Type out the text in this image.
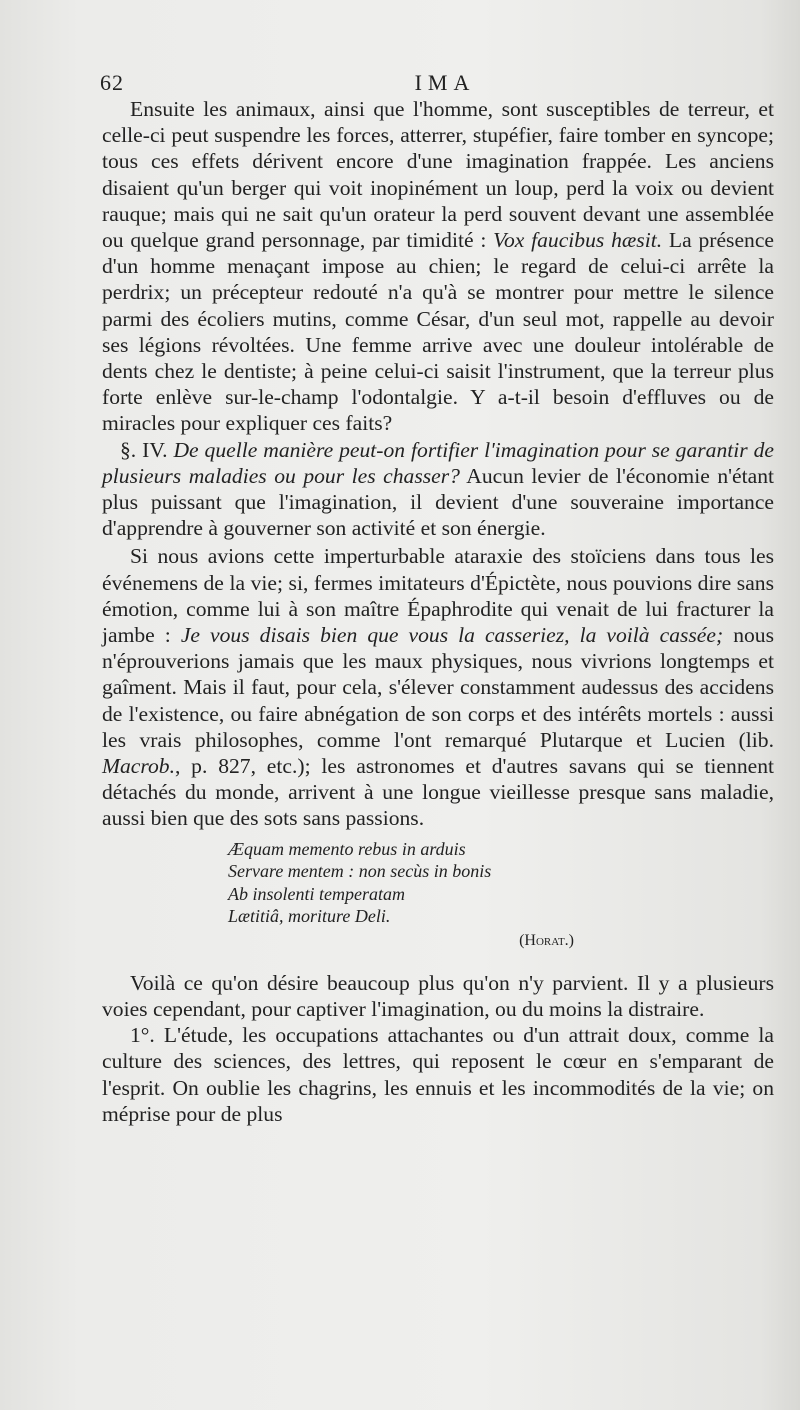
62	IMA

Ensuite les animaux, ainsi que l'homme, sont susceptibles de terreur, et celle-ci peut suspendre les forces, atterrer, stupéfier, faire tomber en syncope; tous ces effets dérivent encore d'une imagination frappée. Les anciens disaient qu'un berger qui voit inopinément un loup, perd la voix ou devient rauque; mais qui ne sait qu'un orateur la perd souvent devant une assemblée ou quelque grand personnage, par timidité : Vox faucibus hæsit. La présence d'un homme menaçant impose au chien; le regard de celui-ci arrête la perdrix; un précepteur redouté n'a qu'à se montrer pour mettre le silence parmi des écoliers mutins, comme César, d'un seul mot, rappelle au devoir ses légions révoltées. Une femme arrive avec une douleur intolérable de dents chez le dentiste; à peine celui-ci saisit l'instrument, que la terreur plus forte enlève sur-le-champ l'odontalgie. Y a-t-il besoin d'effluves ou de miracles pour expliquer ces faits?

§. IV. De quelle manière peut-on fortifier l'imagination pour se garantir de plusieurs maladies ou pour les chasser? Aucun levier de l'économie n'étant plus puissant que l'imagination, il devient d'une souveraine importance d'apprendre à gouverner son activité et son énergie.

Si nous avions cette imperturbable ataraxie des stoïciens dans tous les événemens de la vie; si, fermes imitateurs d'Épictète, nous pouvions dire sans émotion, comme lui à son maître Épaphrodite qui venait de lui fracturer la jambe : Je vous disais bien que vous la casseriez, la voilà cassée; nous n'éprouverions jamais que les maux physiques, nous vivrions longtemps et gaîment. Mais il faut, pour cela, s'élever constamment audessus des accidens de l'existence, ou faire abnégation de son corps et des intérêts mortels : aussi les vrais philosophes, comme l'ont remarqué Plutarque et Lucien (lib. Macrob., p. 827, etc.); les astronomes et d'autres savans qui se tiennent détachés du monde, arrivent à une longue vieillesse presque sans maladie, aussi bien que des sots sans passions.

Æquam memento rebus in arduis
Servare mentem : non secùs in bonis
Ab insolenti temperatam
Lætitiâ, moriture Deli.
(Horat.)

Voilà ce qu'on désire beaucoup plus qu'on n'y parvient. Il y a plusieurs voies cependant, pour captiver l'imagination, ou du moins la distraire.

1°. L'étude, les occupations attachantes ou d'un attrait doux, comme la culture des sciences, des lettres, qui reposent le cœur en s'emparant de l'esprit. On oublie les chagrins, les ennuis et les incommodités de la vie; on méprise pour de plus
